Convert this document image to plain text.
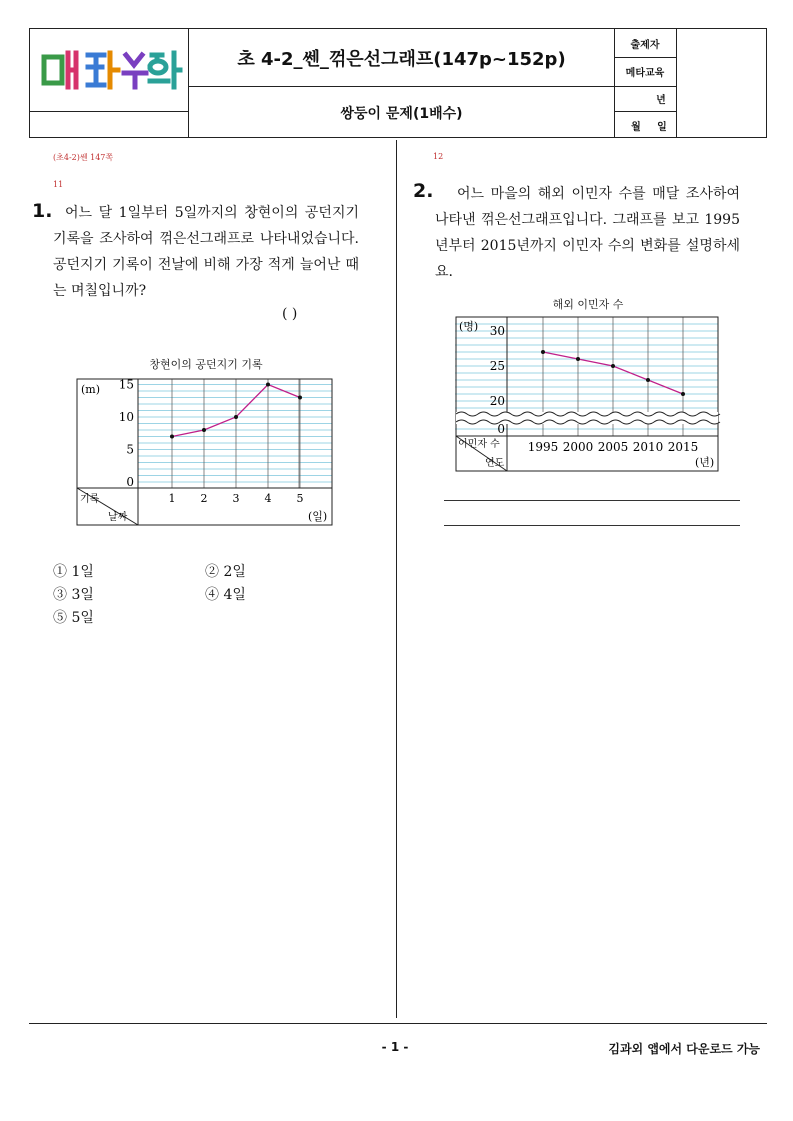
초 4-2_쎈_꺾은선그래프(147p~152p)
쌍둥이 문제(1배수)
출제자
메타교육
년
월	일
(초4-2)쎈 147쪽
11
1. 어느 달 1일부터 5일까지의 창현이의 공던지기 기록을 조사하여 꺾은선그래프로 나타내었습니다. 공던지기 기록이 전날에 비해 가장 적게 늘어난 때는 며칠입니까?
( )
창현이의 공던지기 기록
(m)
기록
날짜	(일)
0
5
10
15
1 2 3 4 5
① 1일	② 2일
③ 3일	④ 4일
⑤ 5일
12
2.	어느 마을의 해외 이민자 수를 매달 조사하여 나타낸 꺾은선그래프입니다. 그래프를 보고 1995년부터 2015년까지 이민자 수의 변화를 설명하세요.
해외 이민자 수
(명)
이민자 수
연도	(년)
0
20
25
30
1995 2000 2005 2010 2015
- 1 -	김과외 앱에서 다운로드 가능
